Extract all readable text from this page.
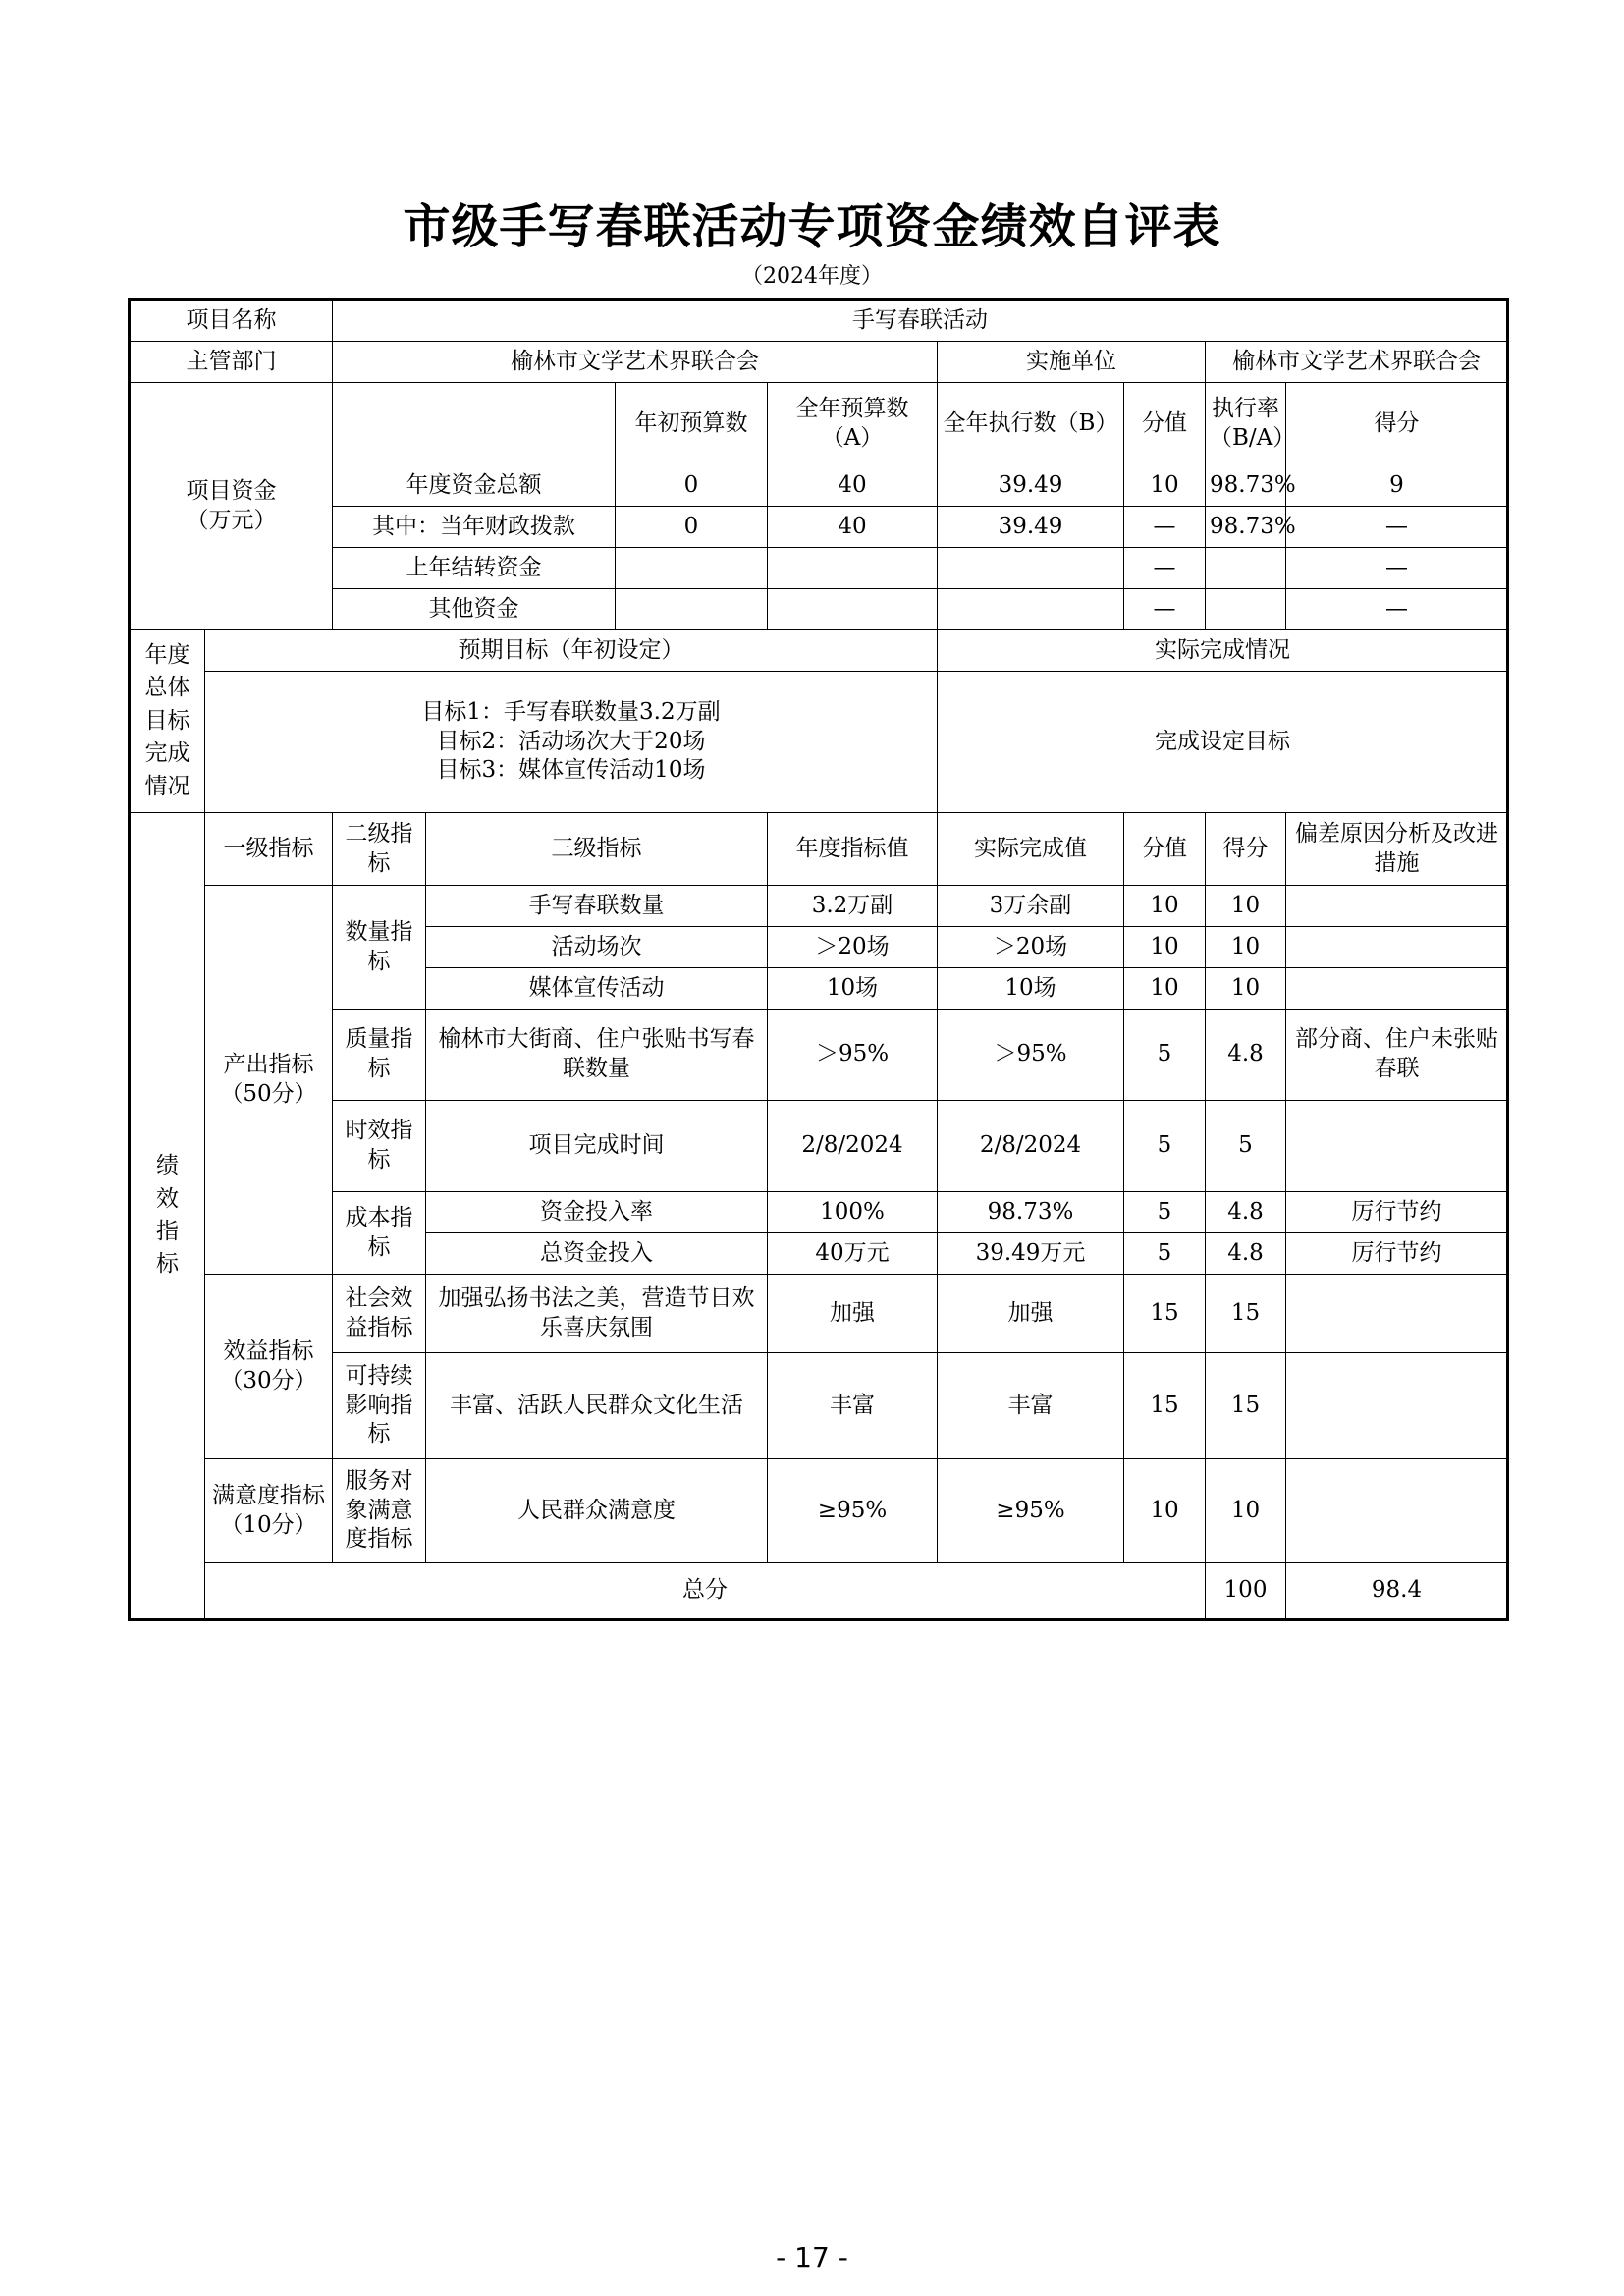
市级手写春联活动专项资金绩效自评表
（2024年度）
项目名称		手写春联活动								
主管部门		榆林市文学艺术界联合会				实施单位		榆林市文学艺术界联合会		

项目资金
（万元）				年初预算数	全年预算数（A）	全年执行数（B）	分值	执行率（B/A）	得分	
		年度资金总额		0	40	39.49	10	98.73%	9	
		其中：当年财政拨款		0	40	39.49	—	98.73%	—	
		上年结转资金					—		—	
		其他资金					—		—	
年度总体目标完成情况	预期目标（年初设定）					实际完成情况				

	目标1：手写春联数量3.2万副
目标2：活动场次大于20场
目标3：媒体宣传活动10场					完成设定目标				
绩效指标	一级指标	二级指标	三级指标		年度指标值	实际完成值	分值	得分	偏差原因分析及改进措施	
	产出指标（50分）	数量指标	手写春联数量		3.2万副	3万余副	10	10		
			活动场次		＞20场	＞20场	10	10		
			媒体宣传活动		10场	10场	10	10		
		质量指标	榆林市大街商、住户张贴书写春联数量		＞95%	＞95%	5	4.8	部分商、住户未张贴春联	
		时效指标	项目完成时间		2/8/2024	2/8/2024	5	5		
		成本指标	资金投入率		100%	98.73%	5	4.8	厉行节约	
			总资金投入		40万元	39.49万元	5	4.8	厉行节约	

	效益指标（30分）	社会效益指标	加强弘扬书法之美，营造节日欢乐喜庆氛围		加强	加强	15	15		
		可持续影响指标	丰富、活跃人民群众文化生活		丰富	丰富	15	15		
	满意度指标（10分）	服务对象满意度指标	人民群众满意度		≥95%	≥95%	10	10		
	总分							100	98.4	
- 17 -
